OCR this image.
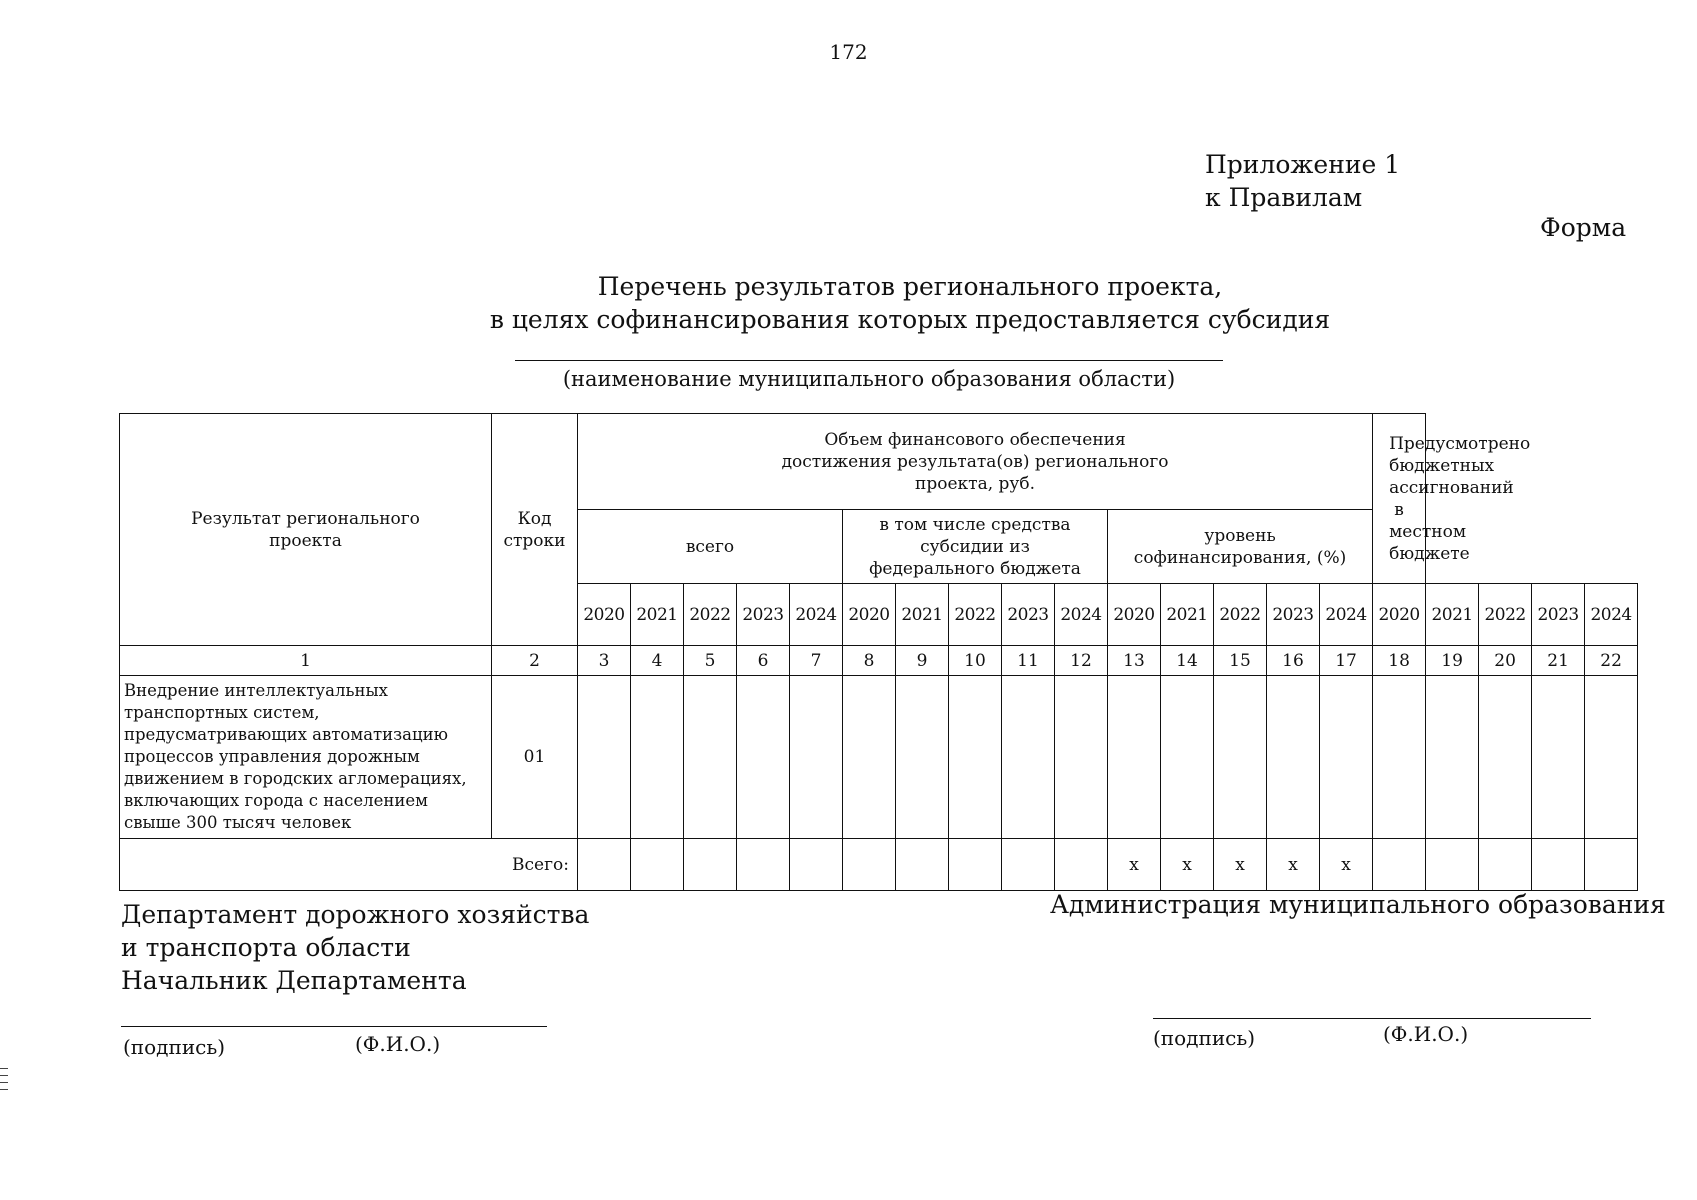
172
Приложение 1
к Правилам
Форма
Перечень результатов регионального проекта,
в целях софинансирования которых предоставляется субсидия
(наименование муниципального образования области)
Результат регионального проекта	Код строки	Объем финансового обеспечения достижения результата(ов) регионального проекта, руб.															Предусмотрено бюджетных ассигнований в местном бюджете				
		всего					в том числе средства субсидии из федерального бюджета					уровень софинансирования, (%)									
		2020	2021	2022	2023	2024	2020	2021	2022	2023	2024	2020	2021	2022	2023	2024	2020	2021	2022	2023	2024
1	2	3	4	5	6	7	8	9	10	11	12	13	14	15	16	17	18	19	20	21	22
Внедрение интеллектуальных транспортных систем, предусматривающих автоматизацию процессов управления дорожным движением в городских агломерациях, включающих города с населением свыше 300 тысяч человек	01																				
Всего:												x	x	x	x	x					
Департамент дорожного хозяйства
и транспорта области
Начальник Департамента
(подпись)	(Ф.И.О.)
Администрация муниципального образования
(подпись)	(Ф.И.О.)
